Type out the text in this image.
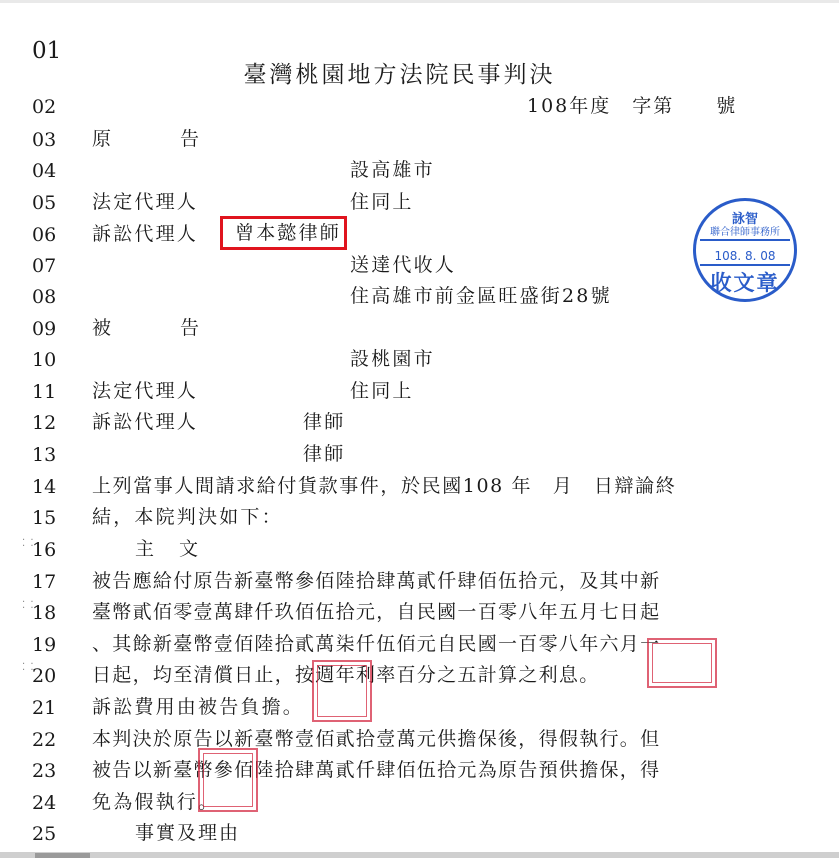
臺灣桃園地方法院民事判決
01
02	108年度　字第　　號
03 原　　　告
04	設高雄市
05 法定代理人	住同上
06 訴訟代理人 曾本懿律師
07	送達代收人
08	住高雄市前金區旺盛街28號
09 被　　　告
10	設桃園市
11 法定代理人	住同上
12 訴訟代理人	律師
13	律師
14 上列當事人間請求給付貨款事件，於民國108 年　月　日辯論終
15 結，本院判決如下：
16	主　文
17 被告應給付原告新臺幣參佰陸拾肆萬貳仟肆佰伍拾元，及其中新
18 臺幣貳佰零壹萬肆仟玖佰伍拾元，自民國一百零八年五月七日起
19 、其餘新臺幣壹佰陸拾貳萬柒仟伍佰元自民國一百零八年六月一
20 日起，均至清償日止，按週年利率百分之五計算之利息。
21 訴訟費用由被告負擔。
22 本判決於原告以新臺幣壹佰貳拾壹萬元供擔保後，得假執行。但
23 被告以新臺幣參佰陸拾肆萬貳仟肆佰伍拾元為原告預供擔保，得
24 免為假執行。
25	事實及理由
⁚ ⁚
⁚ ⁚
⁚ ⁚
詠智
聯合律師事務所
108. 8. 08
收文章
